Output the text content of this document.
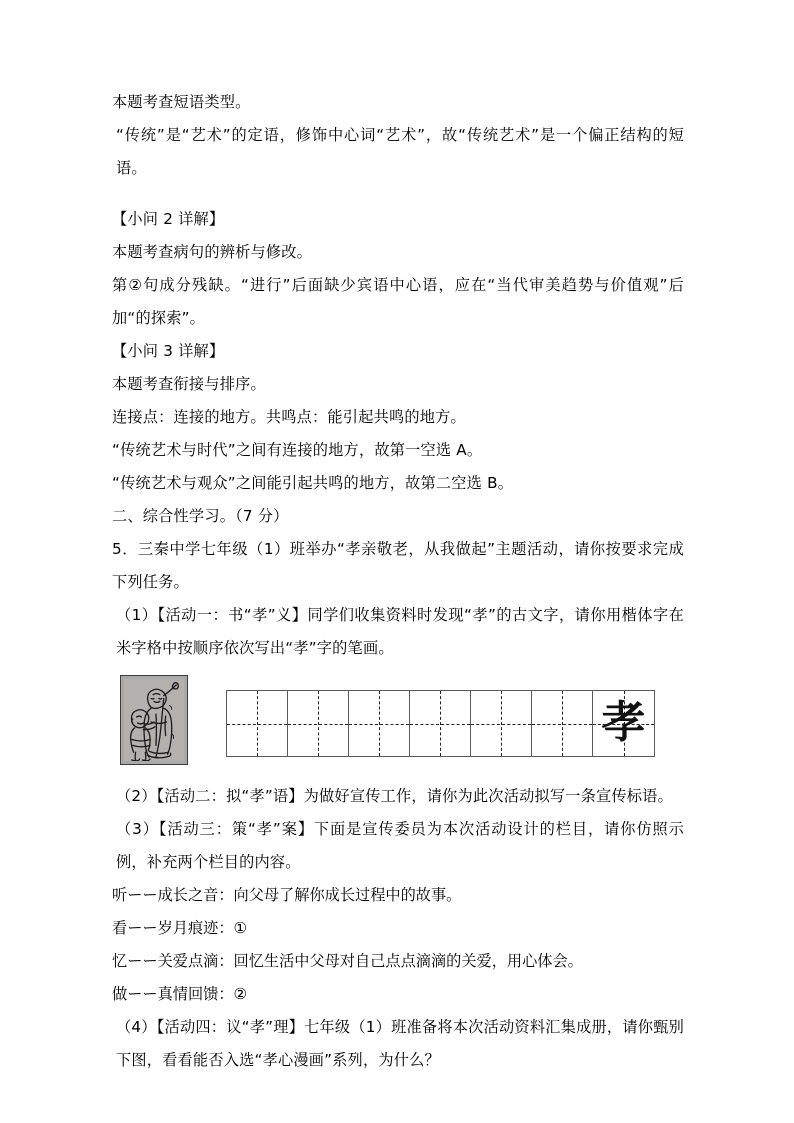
本题考查短语类型。

“传统”是“艺术”的定语，修饰中心词“艺术”，故“传统艺术”是一个偏正结构的短语。

【小问 2 详解】

本题考查病句的辨析与修改。

第②句成分残缺。“进行”后面缺少宾语中心语，应在“当代审美趋势与价值观”后加“的探索”。

【小问 3 详解】

本题考查衔接与排序。

连接点：连接的地方。共鸣点：能引起共鸣的地方。

“传统艺术与时代”之间有连接的地方，故第一空选 A。

“传统艺术与观众”之间能引起共鸣的地方，故第二空选 B。

二、综合性学习。（7 分）

5．三秦中学七年级（1）班举办“孝亲敬老，从我做起”主题活动，请你按要求完成下列任务。

（1）【活动一：书“孝”义】同学们收集资料时发现“孝”的古文字，请你用楷体字在米字格中按顺序依次写出“孝”字的笔画。

孝

（2）【活动二：拟“孝”语】为做好宣传工作，请你为此次活动拟写一条宣传标语。

（3）【活动三：策“孝”案】下面是宣传委员为本次活动设计的栏目，请你仿照示例，补充两个栏目的内容。

听ーー成长之音：向父母了解你成长过程中的故事。

看ーー岁月痕迹：①

忆ーー关爱点滴：回忆生活中父母对自己点点滴滴的关爱，用心体会。

做ーー真情回馈：②

（4）【活动四：议“孝”理】七年级（1）班准备将本次活动资料汇集成册，请你甄别下图，看看能否入选“孝心漫画”系列，为什么？
